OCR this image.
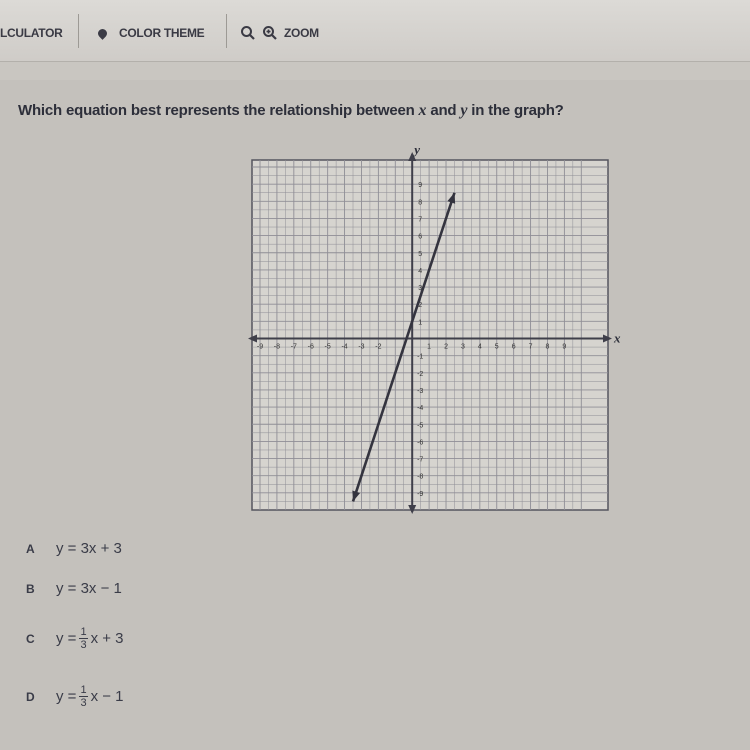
LCULATOR	COLOR THEME	ZOOM
Which equation best represents the relationship between x and y in the graph?
x
y
-9 -8 -7 -6 -5 -4 -3 -2	1 2 3 4 5 6 7 8 9
9
8
7
6
5
4
3
2
1
-1
-2
-3
-4
-5
-6
-7
-8
-9
A	y = 3x + 3
B	y = 3x − 1
C	$y = \frac{1}{3}$ x + 3
D	$y = \frac{1}{3}$ x − 1
